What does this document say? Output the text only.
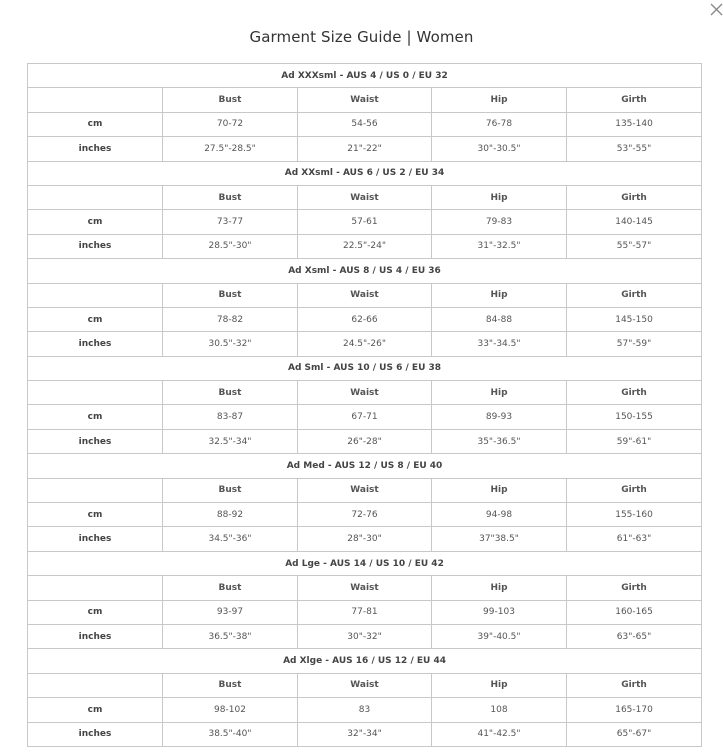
Garment Size Guide | Women
Ad XXXsml - AUS 4 / US 0 / EU 32				
	Bust	Waist	Hip	Girth
cm	70-72	54-56	76-78	135-140
inches	27.5"-28.5"	21"-22"	30"-30.5"	53"-55"
Ad XXsml - AUS 6 / US 2 / EU 34				
	Bust	Waist	Hip	Girth
cm	73-77	57-61	79-83	140-145
inches	28.5"-30"	22.5"-24"	31"-32.5"	55"-57"
Ad Xsml - AUS 8 / US 4 / EU 36				
	Bust	Waist	Hip	Girth
cm	78-82	62-66	84-88	145-150
inches	30.5"-32"	24.5"-26"	33"-34.5"	57"-59"
Ad Sml - AUS 10 / US 6 / EU 38				
	Bust	Waist	Hip	Girth
cm	83-87	67-71	89-93	150-155
inches	32.5"-34"	26"-28"	35"-36.5"	59"-61"
Ad Med - AUS 12 / US 8 / EU 40				
	Bust	Waist	Hip	Girth
cm	88-92	72-76	94-98	155-160
inches	34.5"-36"	28"-30"	37"38.5"	61"-63"
Ad Lge - AUS 14 / US 10 / EU 42				
	Bust	Waist	Hip	Girth
cm	93-97	77-81	99-103	160-165
inches	36.5"-38"	30"-32"	39"-40.5"	63"-65"
Ad Xlge - AUS 16 / US 12 / EU 44				
	Bust	Waist	Hip	Girth
cm	98-102	83	108	165-170
inches	38.5"-40"	32"-34"	41"-42.5"	65"-67"
